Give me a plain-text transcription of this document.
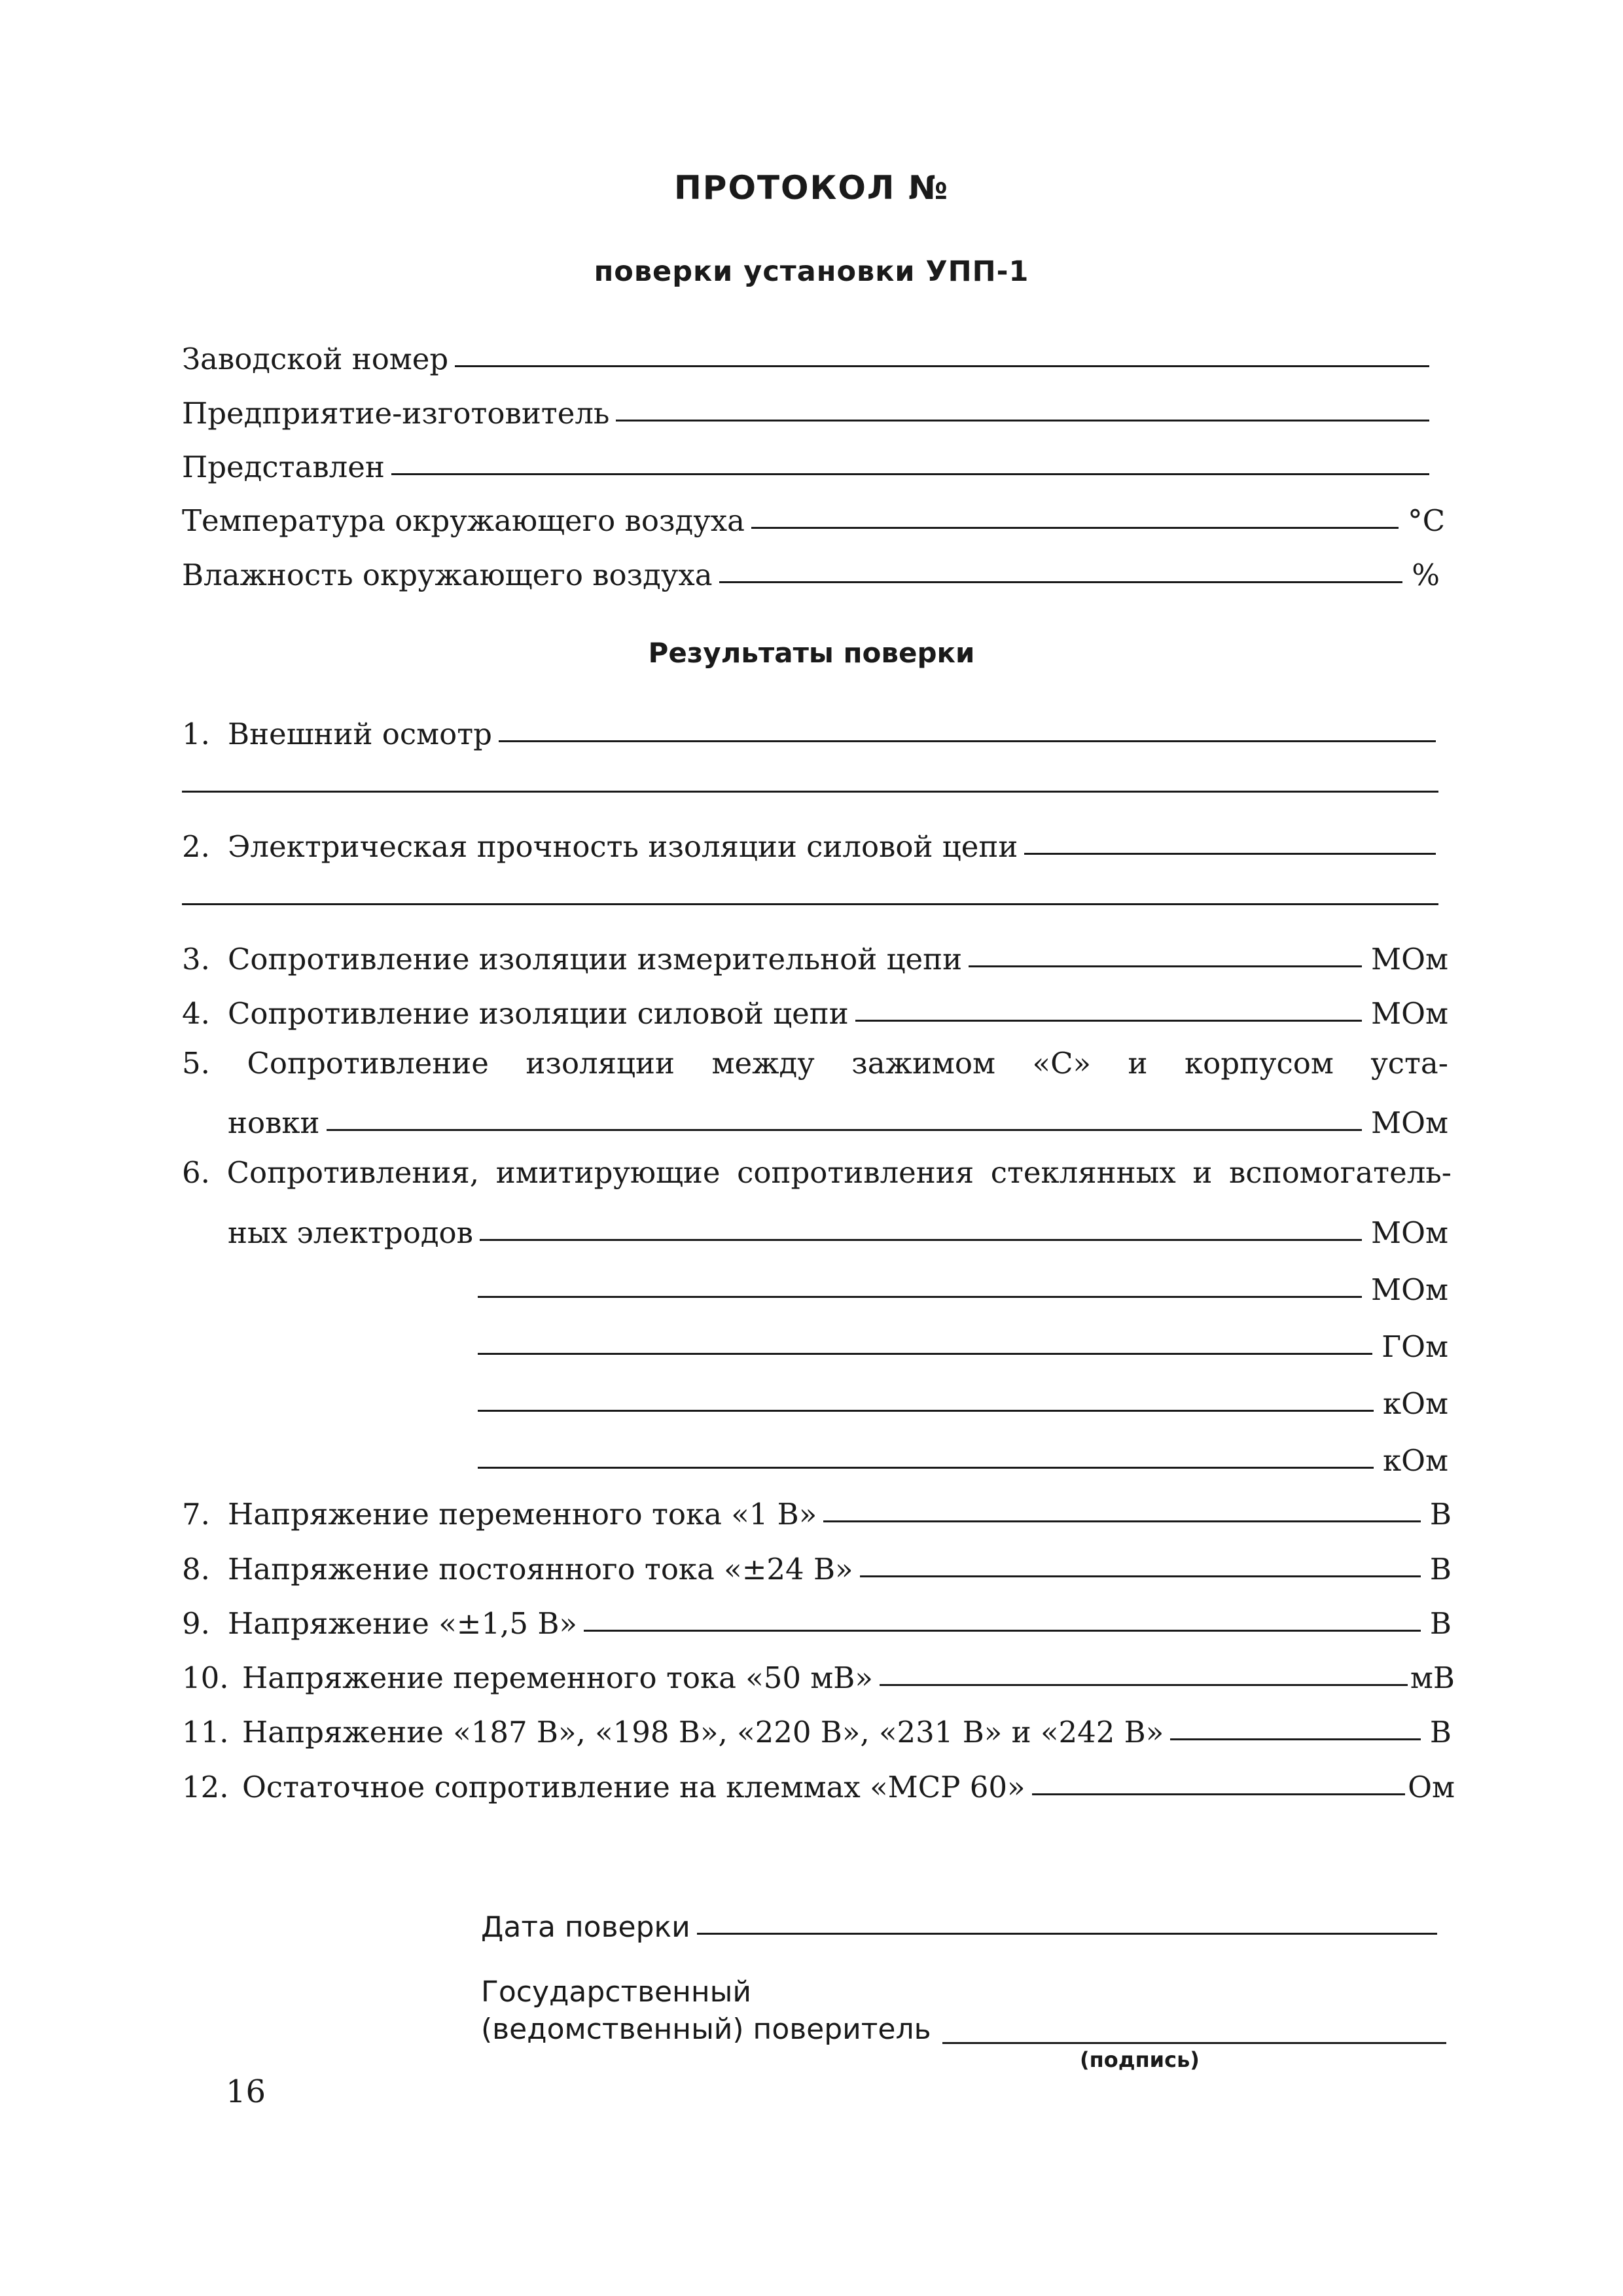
ПРОТОКОЛ №
поверки установки УПП-1
Заводской номер
Предприятие-изготовитель
Представлен
Температура окружающего воздуха	°С
Влажность окружающего воздуха	%
Результаты поверки
1. Внешний осмотр
2. Электрическая прочность изоляции силовой цепи
3. Сопротивление изоляции измерительной цепи	МОм
4. Сопротивление изоляции силовой цепи	МОм
5. Сопротивление изоляции между зажимом «С» и корпусом уста-
новки	МОм
6. Сопротивления, имитирующие сопротивления стеклянных и вспомогатель-
ных электродов	МОм
МОм
ГОм
кОм
кОм
7. Напряжение переменного тока «1 В»	В
8. Напряжение постоянного тока «±24 В»	В
9. Напряжение «±1,5 В»	В
10. Напряжение переменного тока «50 мВ»	мВ
11. Напряжение «187 В», «198 В», «220 В», «231 В» и «242 В»	В
12. Остаточное сопротивление на клеммах «МСР 60»	Ом
Дата поверки
Государственный
(ведомственный) поверитель
(подпись)
16
